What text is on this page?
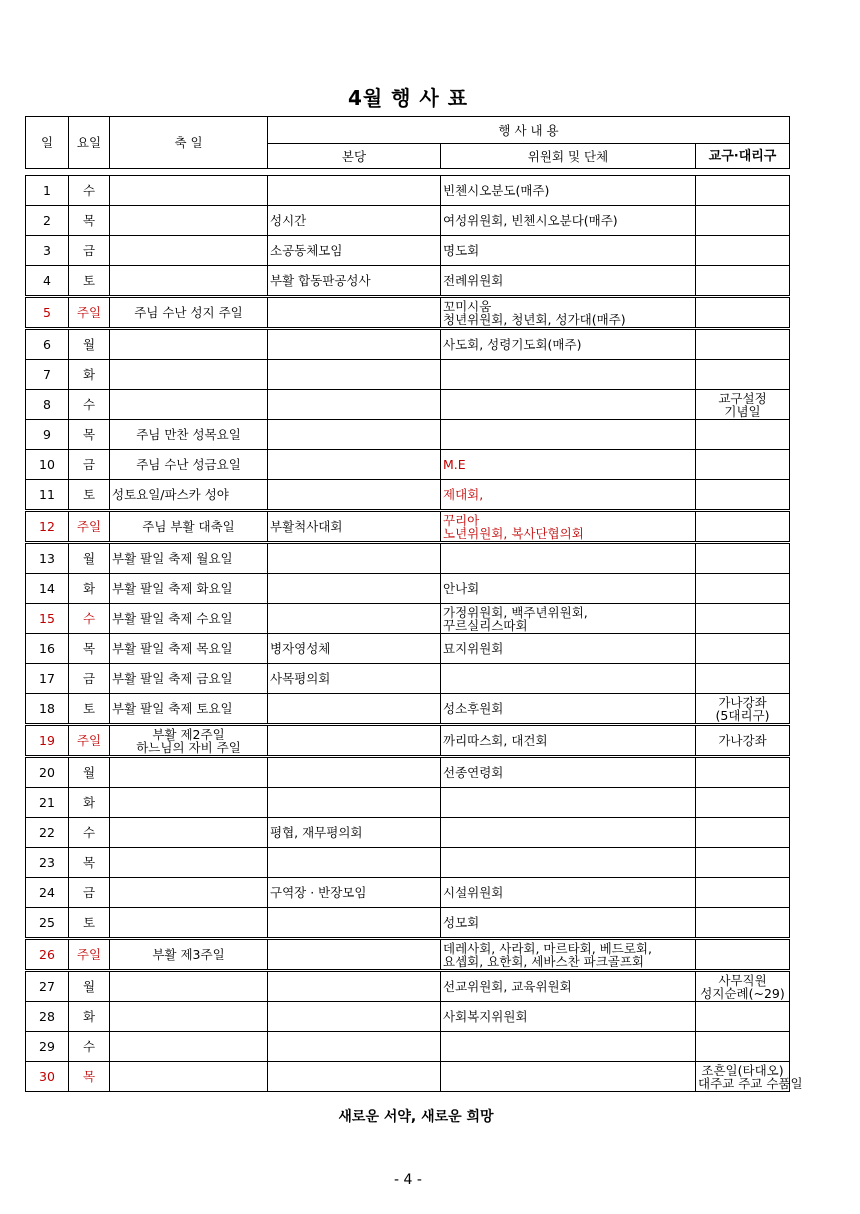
4월 행 사 표
일	요일	축 일	행 사 내 용		
			본당	위원회 및 단체	교구·대리구

1	수			빈첸시오분도(매주)	
2	목		성시간	여성위원회, 빈첸시오분다(매주)	
3	금		소공동체모임	명도회	
4	토		부활 합동판공성사	전례위원회	
5	주일	주님 수난 성지 주일		꼬미시움
청년위원회, 청년회, 성가대(매주)	

6	월			사도회, 성령기도회(매주)	
7	화				
8	수				교구설정
기념일

9	목	주님 만찬 성목요일			
10	금	주님 수난 성금요일		M.E	
11	토	성토요일/파스카 성야		제대회,	
12	주일	주님 부활 대축일	부활척사대회	꾸리아
노년위원회, 복사단협의회	

13	월	부활 팔일 축제 월요일			
14	화	부활 팔일 축제 화요일		안나회	
15	수	부활 팔일 축제 수요일		가정위원회, 백주년위원회,
꾸르실리스따회	

16	목	부활 팔일 축제 목요일	병자영성체	묘지위원회	
17	금	부활 팔일 축제 금요일	사목평의회		
18	토	부활 팔일 축제 토요일		성소후원회	가나강좌
(5대리구)

19	주일	부활 제2주일
하느님의 자비 주일		까리따스회, 대건회	가나강좌
20	월			선종연령회	
21	화				
22	수		평협, 재무평의회		
23	목				
24	금		구역장 · 반장모임	시설위원회	
25	토			성모회	
26	주일	부활 제3주일		데레사회, 사라회, 마르타회, 베드로회,
요셉회, 요한회, 세바스찬 파크골프회	

27	월			선교위원회, 교육위원회	사무직원
성지순례(~29)

28	화			사회복지위원회	
29	수				
30	목				조흔일(타대오)
대주교 주교 수품일
새로운 서약, 새로운 희망
- 4 -
